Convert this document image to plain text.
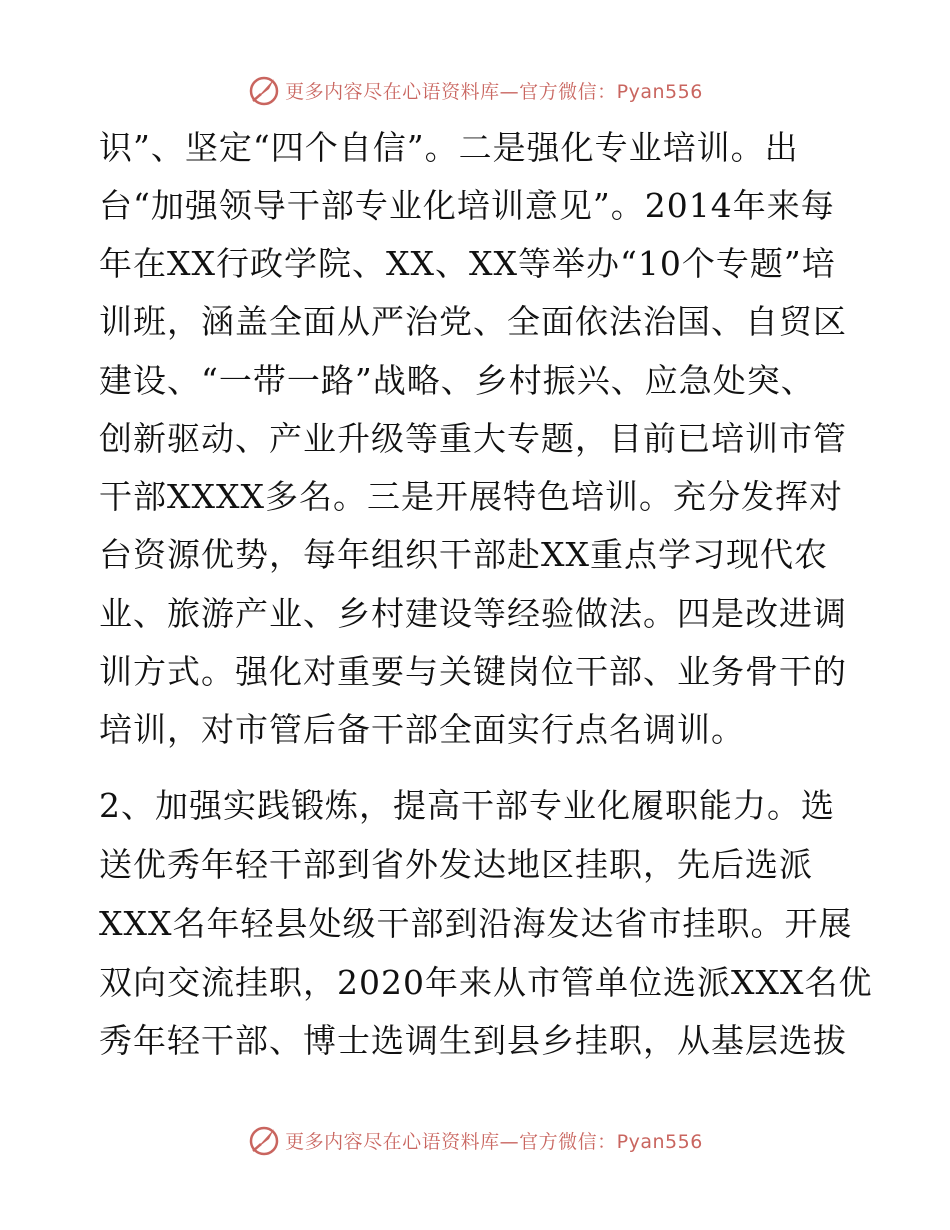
更多内容尽在心语资料库—官方微信：Pyan556
识”、坚定“四个自信”。二是强化专业培训。出
台“加强领导干部专业化培训意见”。2014年来每
年在XX行政学院、XX、XX等举办“10个专题”培
训班，涵盖全面从严治党、全面依法治国、自贸区
建设、“一带一路”战略、乡村振兴、应急处突、
创新驱动、产业升级等重大专题，目前已培训市管
干部XXXX多名。三是开展特色培训。充分发挥对
台资源优势，每年组织干部赴XX重点学习现代农
业、旅游产业、乡村建设等经验做法。四是改进调
训方式。强化对重要与关键岗位干部、业务骨干的
培训，对市管后备干部全面实行点名调训。
2、加强实践锻炼，提高干部专业化履职能力。选
送优秀年轻干部到省外发达地区挂职，先后选派
XXX名年轻县处级干部到沿海发达省市挂职。开展
双向交流挂职，2020年来从市管单位选派XXX名优
秀年轻干部、博士选调生到县乡挂职，从基层选拔
更多内容尽在心语资料库—官方微信：Pyan556
